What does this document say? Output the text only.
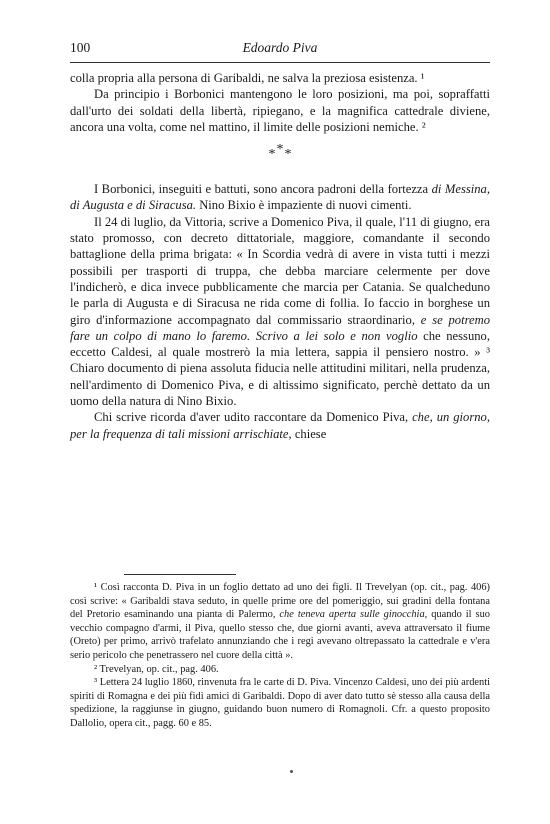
100	Edoardo Piva

colla propria alla persona di Garibaldi, ne salva la preziosa esistenza. ¹

Da principio i Borbonici mantengono le loro posizioni, ma poi, sopraffatti dall'urto dei soldati della libertà, ripiegano, e la magnifica cattedrale diviene, ancora una volta, come nel mattino, il limite delle posizioni nemiche. ²

***

I Borbonici, inseguiti e battuti, sono ancora padroni della fortezza di Messina, di Augusta e di Siracusa. Nino Bixio è impaziente di nuovi cimenti.

Il 24 di luglio, da Vittoria, scrive a Domenico Piva, il quale, l'11 di giugno, era stato promosso, con decreto dittatoriale, maggiore, comandante il secondo battaglione della prima brigata: « In Scordia vedrà di avere in vista tutti i mezzi possibili per trasporti di truppa, che debba marciare celermente per dove l'indicherò, e dica invece pubblicamente che marcia per Catania. Se qualcheduno le parla di Augusta e di Siracusa ne rida come di follia. Io faccio in borghese un giro d'informazione accompagnato dal commissario straordinario, e se potremo fare un colpo di mano lo faremo. Scrivo a lei solo e non voglio che nessuno, eccetto Caldesi, al quale mostrerò la mia lettera, sappia il pensiero nostro. » ³ Chiaro documento di piena assoluta fiducia nelle attitudini militari, nella prudenza, nell'ardimento di Domenico Piva, e di altissimo significato, perchè dettato da un uomo della natura di Nino Bixio.

Chi scrive ricorda d'aver udito raccontare da Domenico Piva, che, un giorno, per la frequenza di tali missioni arrischiate, chiese

¹ Così racconta D. Piva in un foglio dettato ad uno dei figli. Il Trevelyan (op. cit., pag. 406) così scrive: « Garibaldi stava seduto, in quelle prime ore del pomeriggio, sui gradini della fontana del Pretorio esaminando una pianta di Palermo, che teneva aperta sulle ginocchia, quando il suo vecchio compagno d'armi, il Piva, quello stesso che, due giorni avanti, aveva attraversato il fiume (Oreto) per primo, arrivò trafelato annunziando che i regi avevano oltrepassato la cattedrale e v'era serio pericolo che penetrassero nel cuore della città ».

² Trevelyan, op. cit., pag. 406.

³ Lettera 24 luglio 1860, rinvenuta fra le carte di D. Piva. Vincenzo Caldesi, uno dei più ardenti spiriti di Romagna e dei più fidi amici di Garibaldi. Dopo di aver dato tutto sè stesso alla causa della spedizione, la raggiunse in giugno, guidando buon numero di Romagnoli. Cfr. a questo proposito Dallolio, opera cit., pagg. 60 e 85.
